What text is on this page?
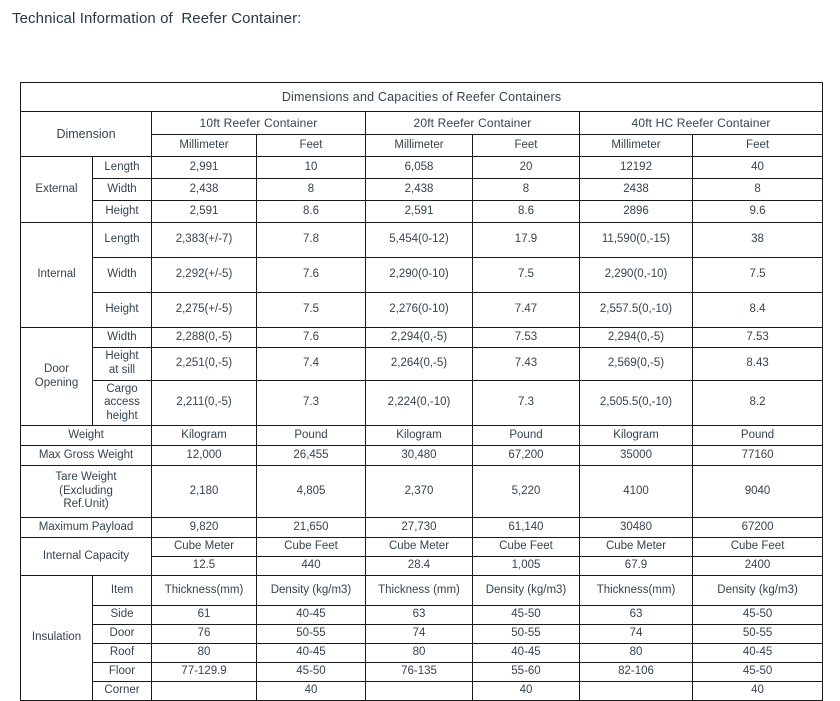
Technical Information of  Reefer Container:
Dimensions and Capacities of Reefer Containers							
Dimension		10ft Reefer Container		20ft Reefer Container		40ft HC Reefer Container	
		Millimeter	Feet	Millimeter	Feet	Millimeter	Feet
External	Length	2,991	10	6,058	20	12192	40
	Width	2,438	8	2,438	8	2438	8
	Height	2,591	8.6	2,591	8.6	2896	9.6
Internal	Length	2,383(+/-7)	7.8	5,454(0-12)	17.9	11,590(0,-15)	38
	Width	2,292(+/-5)	7.6	2,290(0-10)	7.5	2,290(0,-10)	7.5
	Height	2,275(+/-5)	7.5	2,276(0-10)	7.47	2,557.5(0,-10)	8.4
Door
Opening	Width	2,288(0,-5)	7.6	2,294(0,-5)	7.53	2,294(0,-5)	7.53
	Height
at sill	2,251(0,-5)	7.4	2,264(0,-5)	7.43	2,569(0,-5)	8.43
	Cargo
access
height	2,211(0,-5)	7.3	2,224(0,-10)	7.3	2,505.5(0,-10)	8.2
Weight		Kilogram	Pound	Kilogram	Pound	Kilogram	Pound
Max Gross Weight		12,000	26,455	30,480	67,200	35000	77160
Tare Weight
(Excluding
Ref.Unit)		2,180	4,805	2,370	5,220	4100	9040
Maximum Payload		9,820	21,650	27,730	61,140	30480	67200
Internal Capacity		Cube Meter	Cube Feet	Cube Meter	Cube Feet	Cube Meter	Cube Feet
		12.5	440	28.4	1,005	67.9	2400
Insulation	Item	Thickness(mm)	Density (kg/m3)	Thickness (mm)	Density (kg/m3)	Thickness(mm)	Density (kg/m3)
	Side	61	40-45	63	45-50	63	45-50
	Door	76	50-55	74	50-55	74	50-55
	Roof	80	40-45	80	40-45	80	40-45
	Floor	77-129.9	45-50	76-135	55-60	82-106	45-50
	Corner		40		40		40
